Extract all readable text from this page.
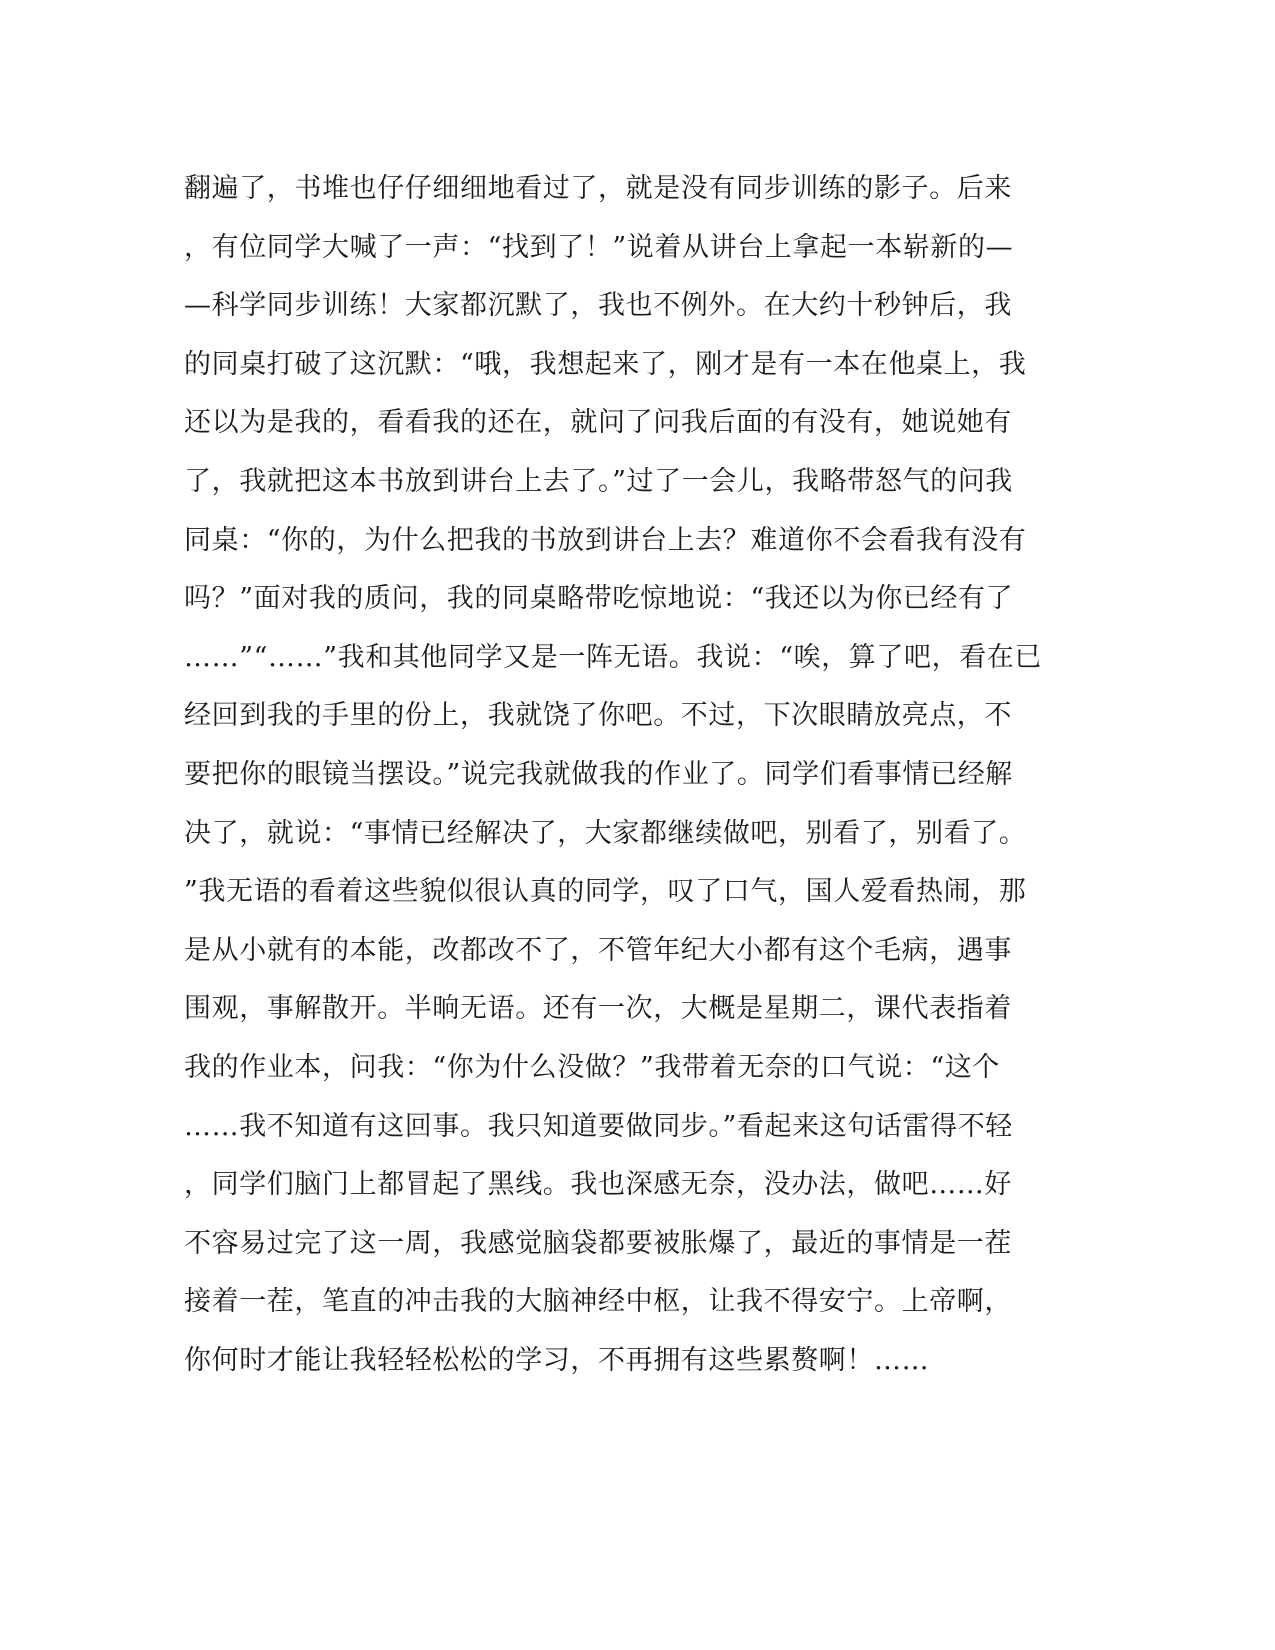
翻遍了，书堆也仔仔细细地看过了，就是没有同步训练的影子。后来
，有位同学大喊了一声：“找到了！”说着从讲台上拿起一本崭新的—
—科学同步训练！大家都沉默了，我也不例外。在大约十秒钟后，我
的同桌打破了这沉默：“哦，我想起来了，刚才是有一本在他桌上，我
还以为是我的，看看我的还在，就问了问我后面的有没有，她说她有
了，我就把这本书放到讲台上去了。”过了一会儿，我略带怒气的问我
同桌：“你的，为什么把我的书放到讲台上去？难道你不会看我有没有
吗？”面对我的质问，我的同桌略带吃惊地说：“我还以为你已经有了
……”“……”我和其他同学又是一阵无语。我说：“唉，算了吧，看在已
经回到我的手里的份上，我就饶了你吧。不过，下次眼睛放亮点，不
要把你的眼镜当摆设。”说完我就做我的作业了。同学们看事情已经解
决了，就说：“事情已经解决了，大家都继续做吧，别看了，别看了。
”我无语的看着这些貌似很认真的同学，叹了口气，国人爱看热闹，那
是从小就有的本能，改都改不了，不管年纪大小都有这个毛病，遇事
围观，事解散开。半晌无语。还有一次，大概是星期二，课代表指着
我的作业本，问我：“你为什么没做？”我带着无奈的口气说：“这个
……我不知道有这回事。我只知道要做同步。”看起来这句话雷得不轻
，同学们脑门上都冒起了黑线。我也深感无奈，没办法，做吧……好
不容易过完了这一周，我感觉脑袋都要被胀爆了，最近的事情是一茬
接着一茬，笔直的冲击我的大脑神经中枢，让我不得安宁。上帝啊，
你何时才能让我轻轻松松的学习，不再拥有这些累赘啊！……
